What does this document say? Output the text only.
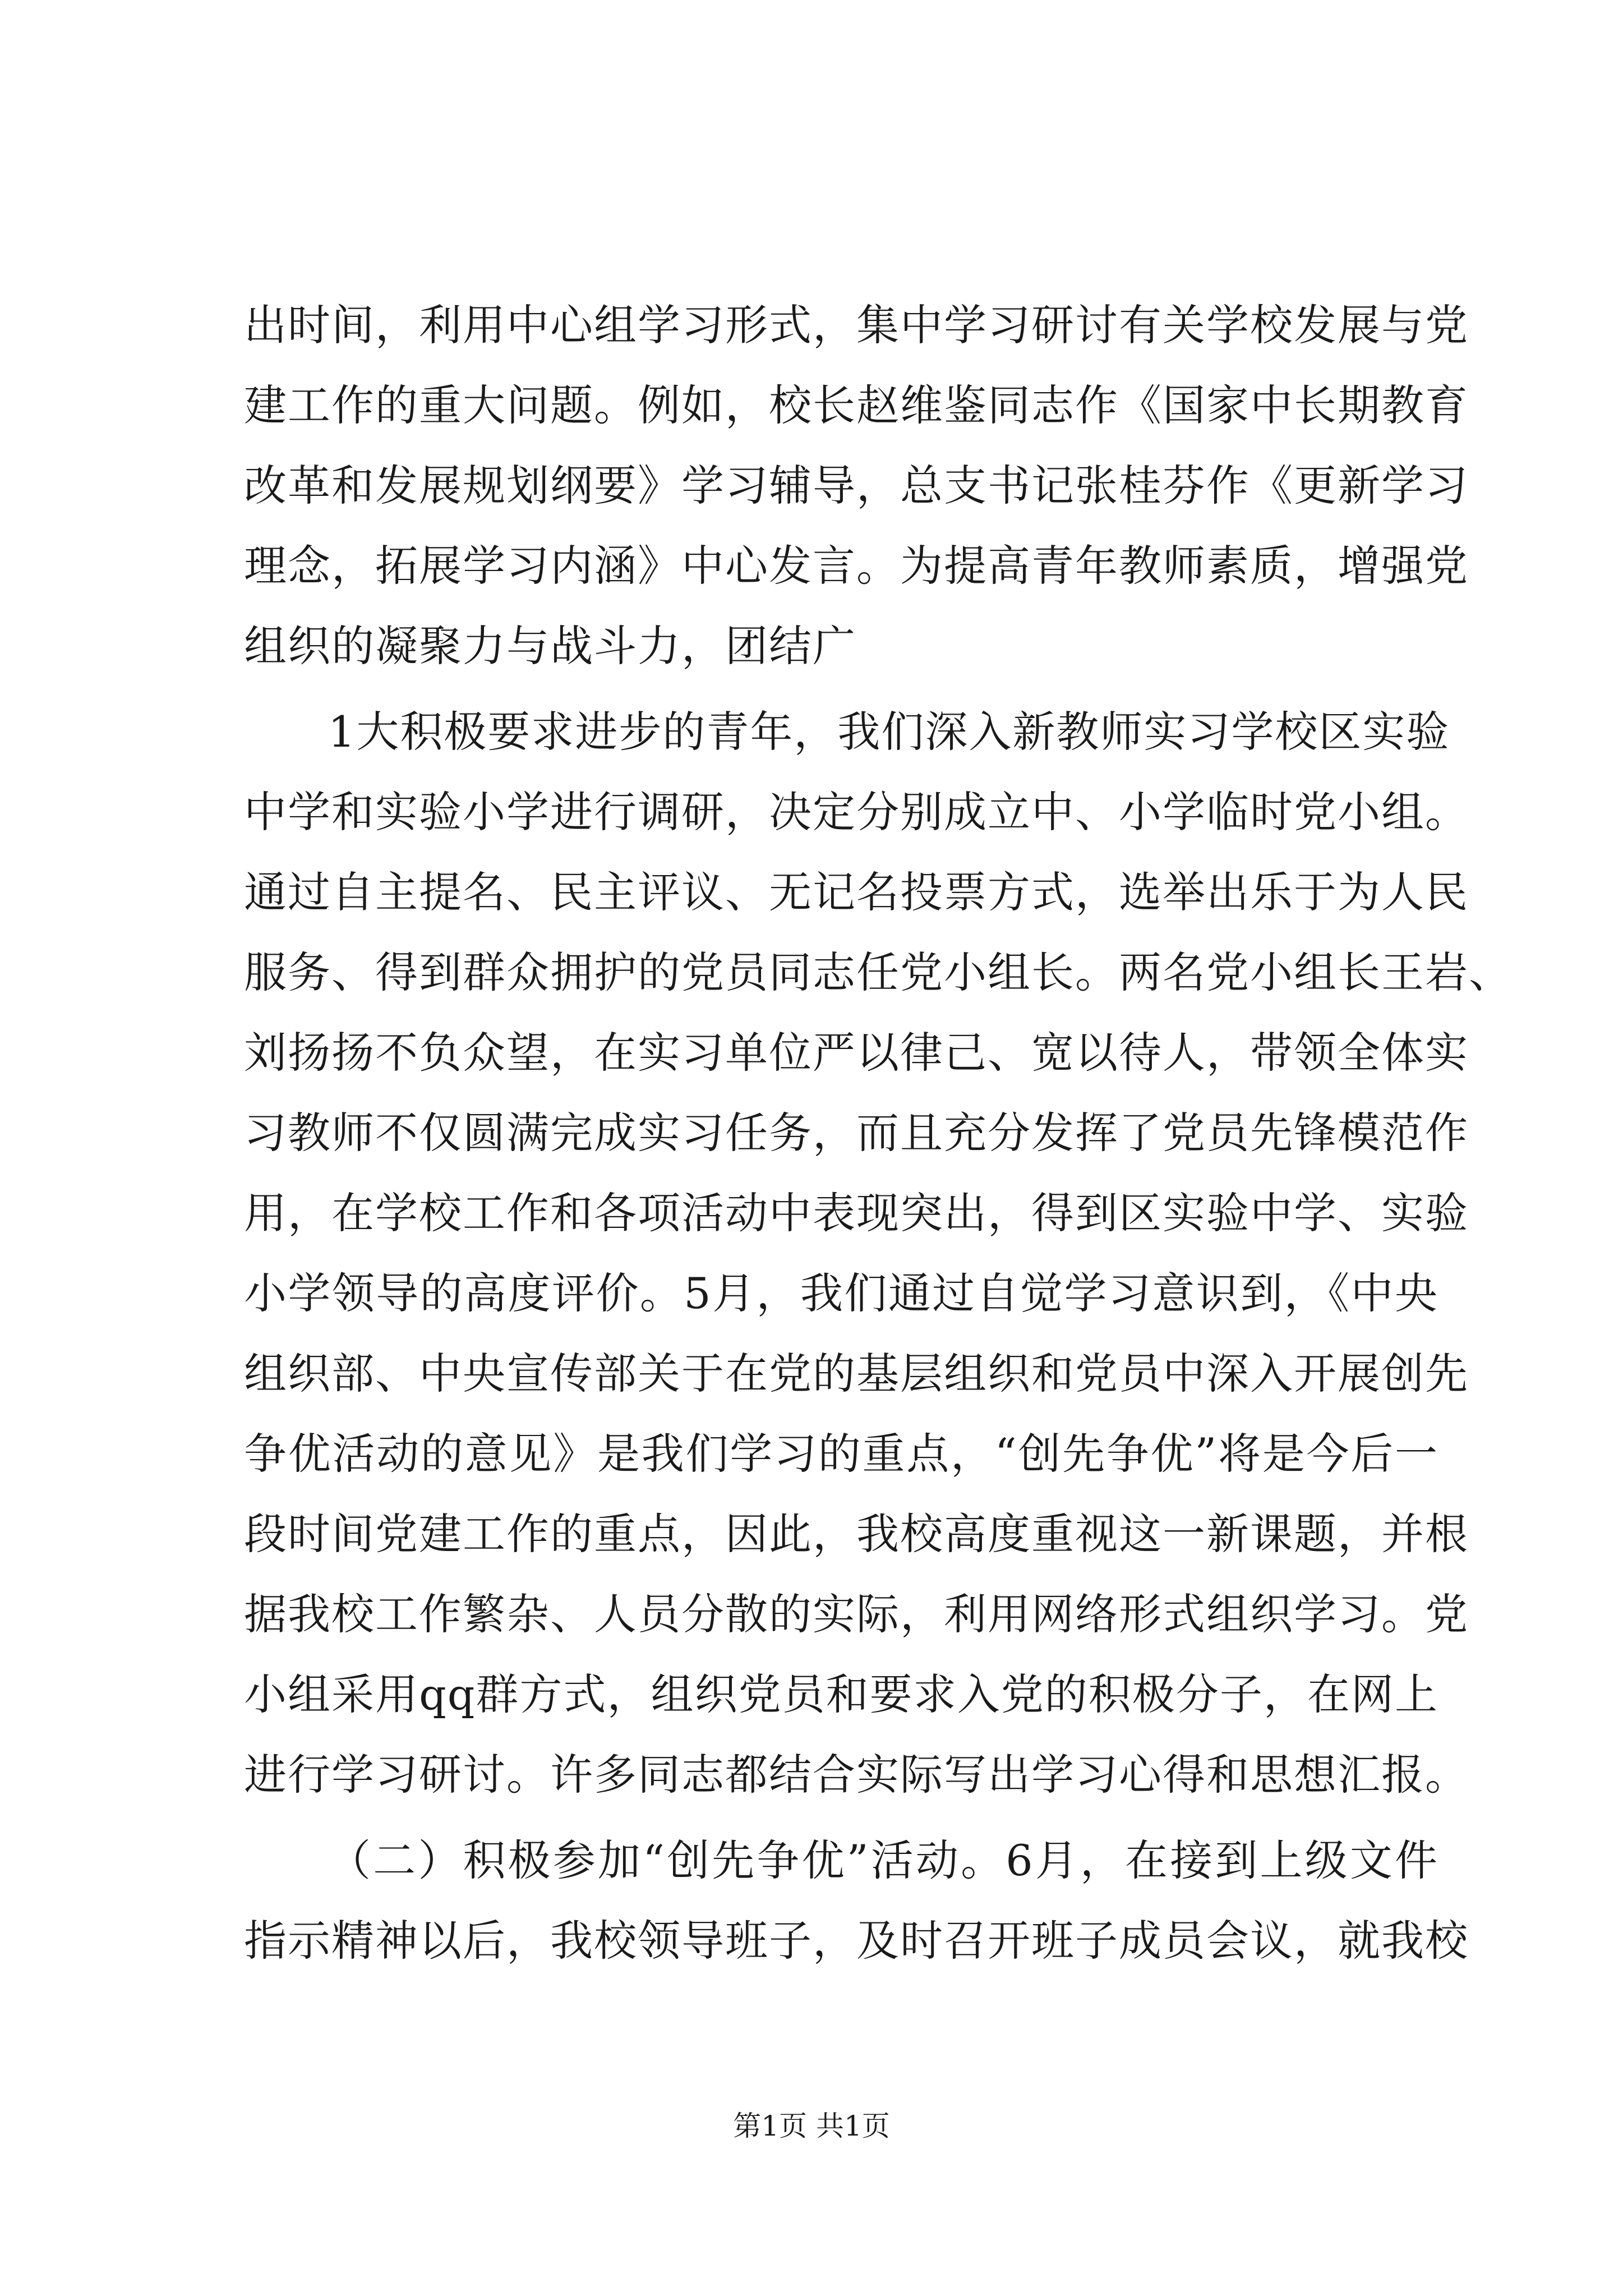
出时间，利用中心组学习形式，集中学习研讨有关学校发展与党
建工作的重大问题。例如，校长赵维鉴同志作《国家中长期教育
改革和发展规划纲要》学习辅导，总支书记张桂芬作《更新学习
理念，拓展学习内涵》中心发言。为提高青年教师素质，增强党
组织的凝聚力与战斗力，团结广
1大积极要求进步的青年，我们深入新教师实习学校区实验
中学和实验小学进行调研，决定分别成立中、小学临时党小组。
通过自主提名、民主评议、无记名投票方式，选举出乐于为人民
服务、得到群众拥护的党员同志任党小组长。两名党小组长王岩、
刘扬扬不负众望，在实习单位严以律己、宽以待人，带领全体实
习教师不仅圆满完成实习任务，而且充分发挥了党员先锋模范作
用，在学校工作和各项活动中表现突出，得到区实验中学、实验
小学领导的高度评价。5月，我们通过自觉学习意识到，《中央
组织部、中央宣传部关于在党的基层组织和党员中深入开展创先
争优活动的意见》是我们学习的重点，“创先争优”将是今后一
段时间党建工作的重点，因此，我校高度重视这一新课题，并根
据我校工作繁杂、人员分散的实际，利用网络形式组织学习。党
小组采用qq群方式，组织党员和要求入党的积极分子，在网上
进行学习研讨。许多同志都结合实际写出学习心得和思想汇报。
（二）积极参加“创先争优”活动。6月，在接到上级文件
指示精神以后，我校领导班子，及时召开班子成员会议，就我校
第1页 共1页
